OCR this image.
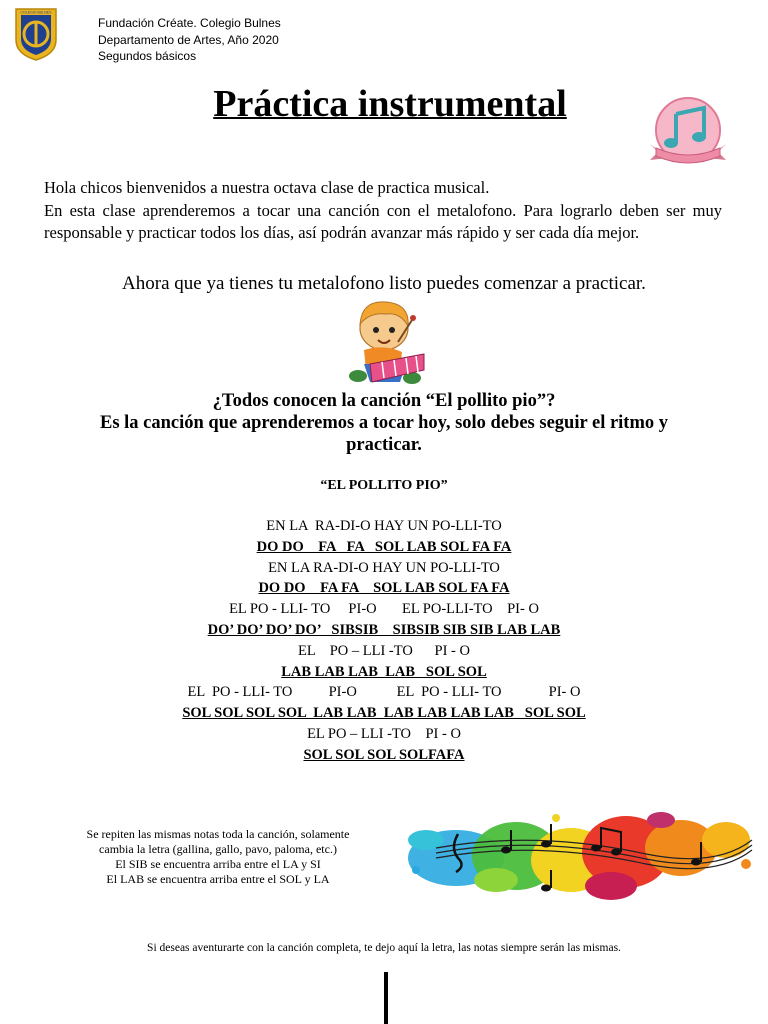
COLEGIO BULNES
CB
Fundación Créate. Colegio Bulnes
Departamento de Artes, Año 2020
Segundos básicos
Práctica instrumental

Hola chicos bienvenidos a nuestra octava clase de practica musical.

En esta clase aprenderemos a tocar una canción con el metalofono. Para lograrlo deben ser muy responsable y practicar todos los días, así podrán avanzar más rápido y ser cada día mejor.

Ahora que ya tienes tu metalofono listo puedes comenzar a practicar.
¿Todos conocen la canción “El pollito pio”?
Es la canción que aprenderemos a tocar hoy, solo debes seguir el ritmo y practicar.
“EL POLLITO PIO”
EN LA  RA-DI-O HAY UN PO-LLI-TO
DO DO    FA   FA   SOL LAB SOL FA FA
EN LA RA-DI-O HAY UN PO-LLI-TO
DO DO    FA FA    SOL LAB SOL FA FA
EL PO - LLI- TO     PI-O       EL PO-LLI-TO    PI- O
DO’ DO’ DO’ DO’   SIBSIB    SIBSIB SIB SIB LAB LAB
EL    PO – LLI -TO      PI - O
LAB LAB LAB  LAB   SOL SOL
EL  PO - LLI- TO          PI-O           EL  PO - LLI- TO             PI- O
SOL SOL SOL SOL  LAB LAB  LAB LAB LAB LAB   SOL SOL
EL PO – LLI -TO    PI - O
SOL SOL SOL SOLFAFA
Se repiten las mismas notas toda la canción, solamente
cambia la letra (gallina, gallo, pavo, paloma, etc.)
El SIB se encuentra arriba entre el LA y SI
El LAB se encuentra arriba entre el SOL y LA
Si deseas aventurarte con la canción completa, te dejo aquí la letra, las notas siempre serán las mismas.
